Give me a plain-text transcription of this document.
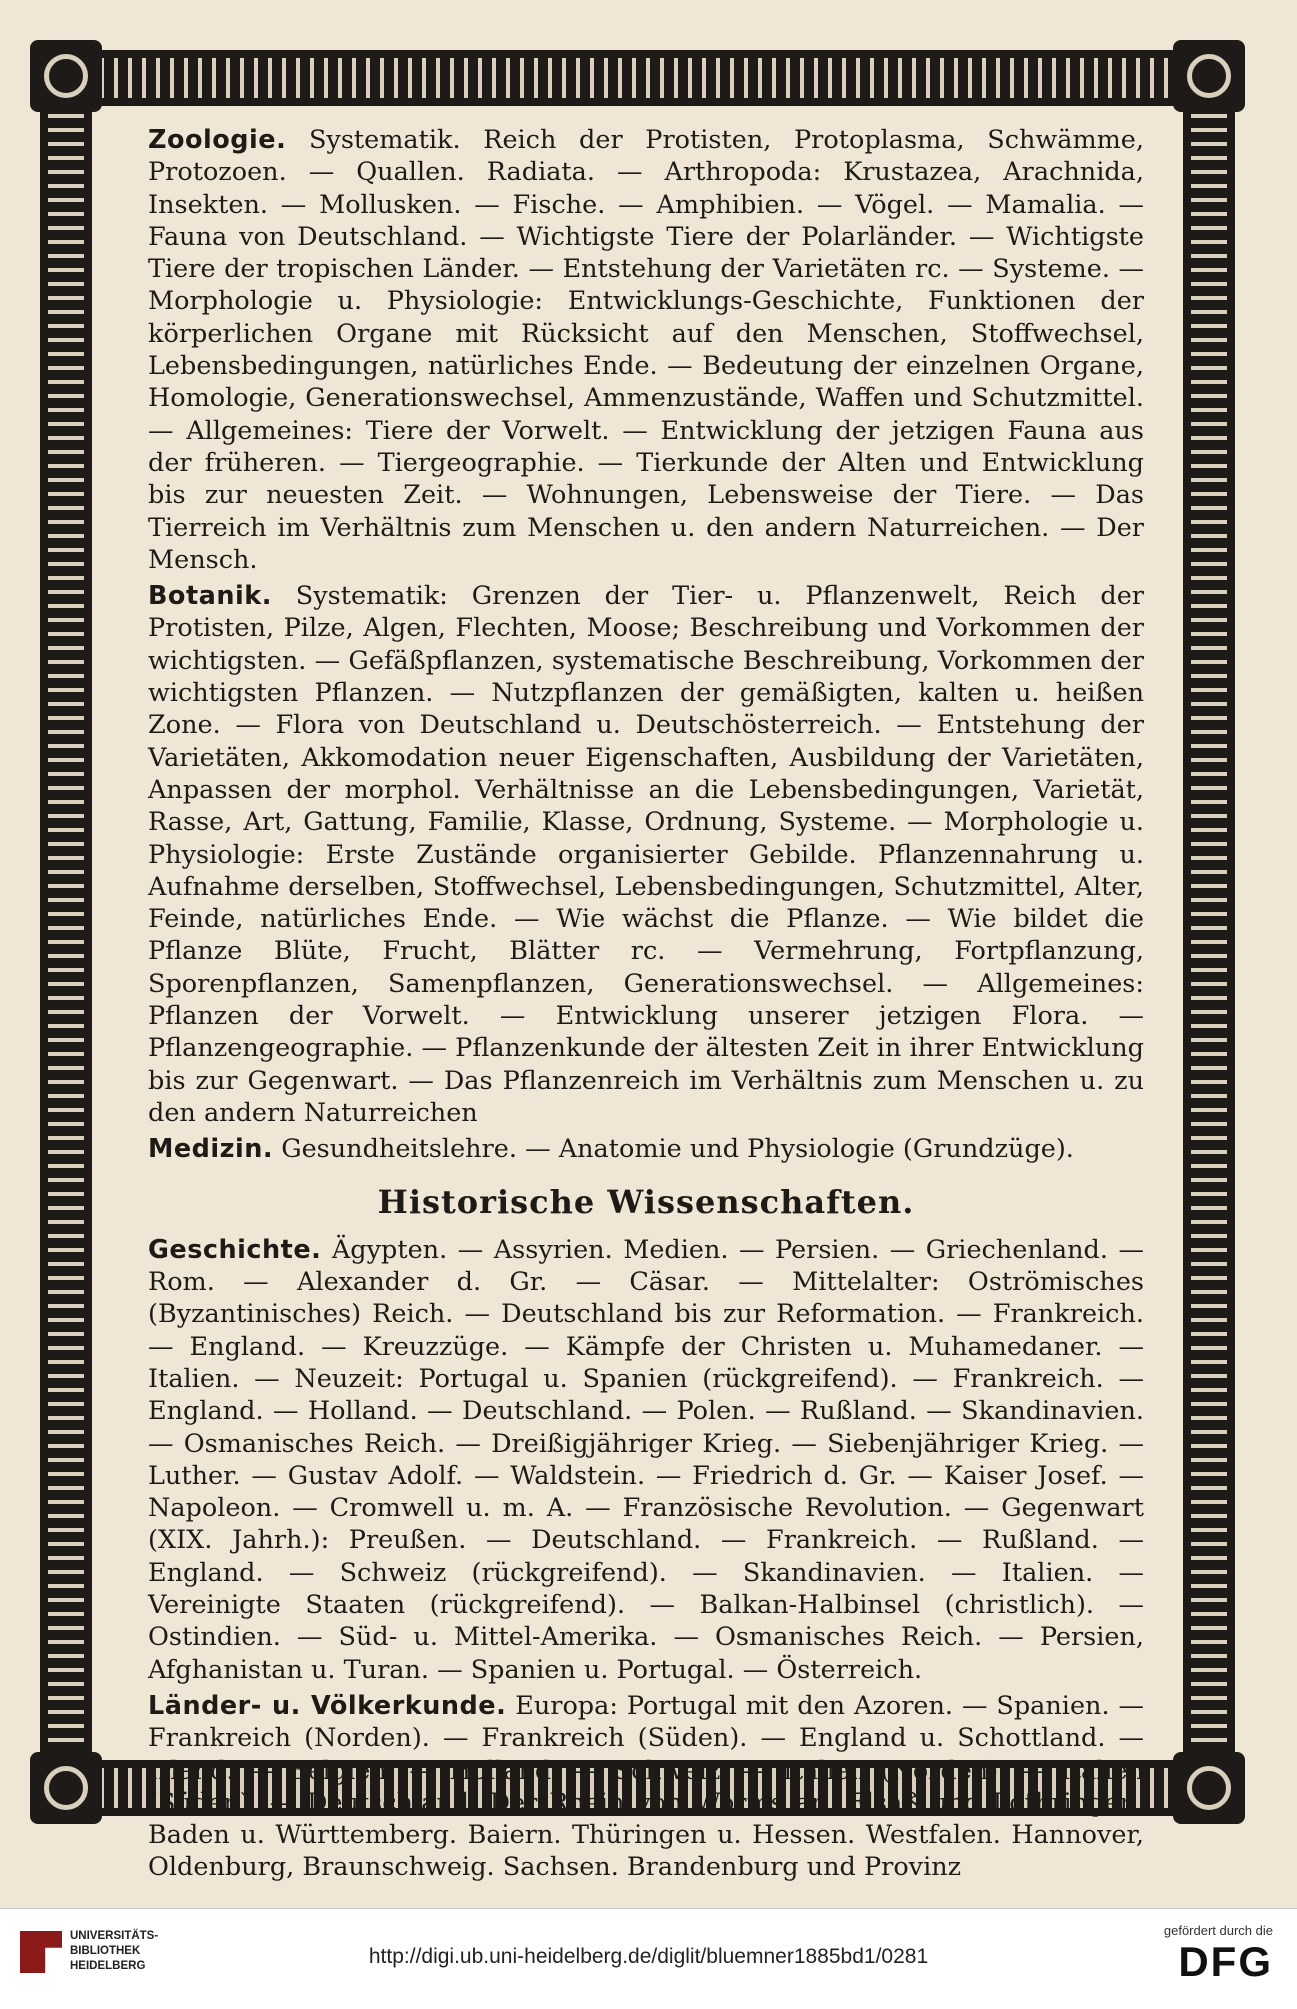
Zoologie. Systematik. Reich der Protisten, Protoplasma, Schwämme, Protozoen. — Quallen. Radiata. — Arthropoda: Krustazea, Arachnida, Insekten. — Mollusken. — Fische. — Amphibien. — Vögel. — Mamalia. — Fauna von Deutschland. — Wichtigste Tiere der Polarländer. — Wichtigste Tiere der tropischen Länder. — Entstehung der Varietäten rc. — Systeme. — Morphologie u. Physiologie: Entwicklungs-Geschichte, Funktionen der körperlichen Organe mit Rücksicht auf den Menschen, Stoffwechsel, Lebensbedingungen, natürliches Ende. — Bedeutung der einzelnen Organe, Homologie, Generationswechsel, Ammenzustände, Waffen und Schutzmittel. — Allgemeines: Tiere der Vorwelt. — Entwicklung der jetzigen Fauna aus der früheren. — Tiergeographie. — Tierkunde der Alten und Entwicklung bis zur neuesten Zeit. — Wohnungen, Lebensweise der Tiere. — Das Tierreich im Verhältnis zum Menschen u. den andern Naturreichen. — Der Mensch.

Botanik. Systematik: Grenzen der Tier- u. Pflanzenwelt, Reich der Protisten, Pilze, Algen, Flechten, Moose; Beschreibung und Vorkommen der wichtigsten. — Gefäßpflanzen, systematische Beschreibung, Vorkommen der wichtigsten Pflanzen. — Nutzpflanzen der gemäßigten, kalten u. heißen Zone. — Flora von Deutschland u. Deutschösterreich. — Entstehung der Varietäten, Akkomodation neuer Eigenschaften, Ausbildung der Varietäten, Anpassen der morphol. Verhältnisse an die Lebensbedingungen, Varietät, Rasse, Art, Gattung, Familie, Klasse, Ordnung, Systeme. — Morphologie u. Physiologie: Erste Zustände organisierter Gebilde. Pflanzennahrung u. Aufnahme derselben, Stoffwechsel, Lebensbedingungen, Schutzmittel, Alter, Feinde, natürliches Ende. — Wie wächst die Pflanze. — Wie bildet die Pflanze Blüte, Frucht, Blätter rc. — Vermehrung, Fortpflanzung, Sporenpflanzen, Samenpflanzen, Generationswechsel. — Allgemeines: Pflanzen der Vorwelt. — Entwicklung unserer jetzigen Flora. — Pflanzengeographie. — Pflanzenkunde der ältesten Zeit in ihrer Entwicklung bis zur Gegenwart. — Das Pflanzenreich im Verhältnis zum Menschen u. zu den andern Naturreichen

Medizin. Gesundheitslehre. — Anatomie und Physiologie (Grundzüge).

Historische Wissenschaften.

Geschichte. Ägypten. — Assyrien. Medien. — Persien. — Griechenland. — Rom. — Alexander d. Gr. — Cäsar. — Mittelalter: Oströmisches (Byzantinisches) Reich. — Deutschland bis zur Reformation. — Frankreich. — England. — Kreuzzüge. — Kämpfe der Christen u. Muhamedaner. — Italien. — Neuzeit: Portugal u. Spanien (rückgreifend). — Frankreich. — England. — Holland. — Deutschland. — Polen. — Rußland. — Skandinavien. — Osmanisches Reich. — Dreißigjähriger Krieg. — Siebenjähriger Krieg. — Luther. — Gustav Adolf. — Waldstein. — Friedrich d. Gr. — Kaiser Josef. — Napoleon. — Cromwell u. m. A. — Französische Revolution. — Gegenwart (XIX. Jahrh.): Preußen. — Deutschland. — Frankreich. — Rußland. — England. — Schweiz (rückgreifend). — Skandinavien. — Italien. — Vereinigte Staaten (rückgreifend). — Balkan-Halbinsel (christlich). — Ostindien. — Süd- u. Mittel-Amerika. — Osmanisches Reich. — Persien, Afghanistan u. Turan. — Spanien u. Portugal. — Österreich.

Länder- u. Völkerkunde. Europa: Portugal mit den Azoren. — Spanien. — Frankreich (Norden). — Frankreich (Süden). — England u. Schottland. — Irland. — Belgien. — Holland. — Schweiz. — Italien (Norden). — Italien (Süden). — Deutschland: Der Rhein von Worms an. Elsaß und Lothringen. Baden u. Württemberg. Baiern. Thüringen u. Hessen. Westfalen. Hannover, Oldenburg, Braunschweig. Sachsen. Brandenburg und Provinz

UNIVERSITÄTS-
BIBLIOTHEK
HEIDELBERG	http://digi.ub.uni-heidelberg.de/diglit/bluemner1885bd1/0281
gefördert durch die
DFG
